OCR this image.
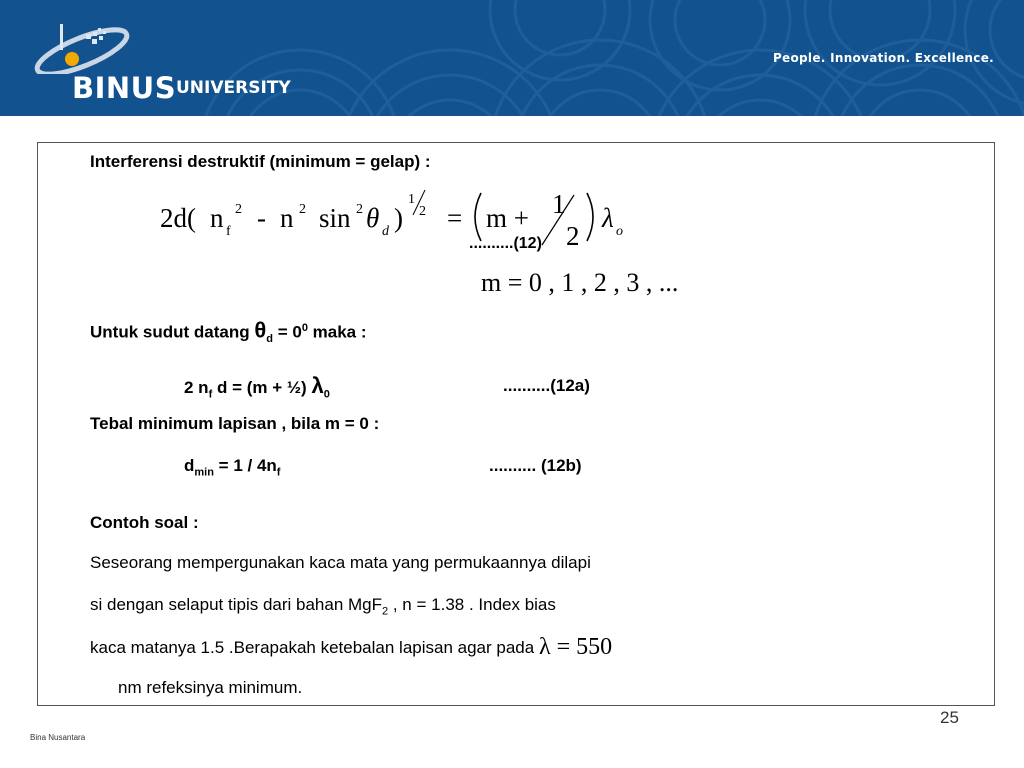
BINUS UNIVERSITY
People. Innovation. Excellence.
Interferensi destruktif (minimum = gelap) :
2d( n f
2 - n 2 sin 2 θ d )
1
2 = m + 1
2
λ o
..........(12)
m = 0 , 1 , 2 , 3 , ...
Untuk sudut datang $\theta_d = 0^0$ maka :
2 $n_f$ d = (m + ½) $\lambda_0$	..........(12a)
Tebal minimum lapisan , bila m = 0 :
$d_{min} = 1 / 4n_f$	.......... (12b)
Contoh soal :
Seseorang mempergunakan kaca mata yang permukaannya dilapi
si dengan selaput tipis dari bahan MgF$_2$ , n = 1.38 . Index bias
kaca matanya 1.5 .Berapakah ketebalan lapisan agar pada λ = 550
nm refeksinya minimum.
25
Bina Nusantara
